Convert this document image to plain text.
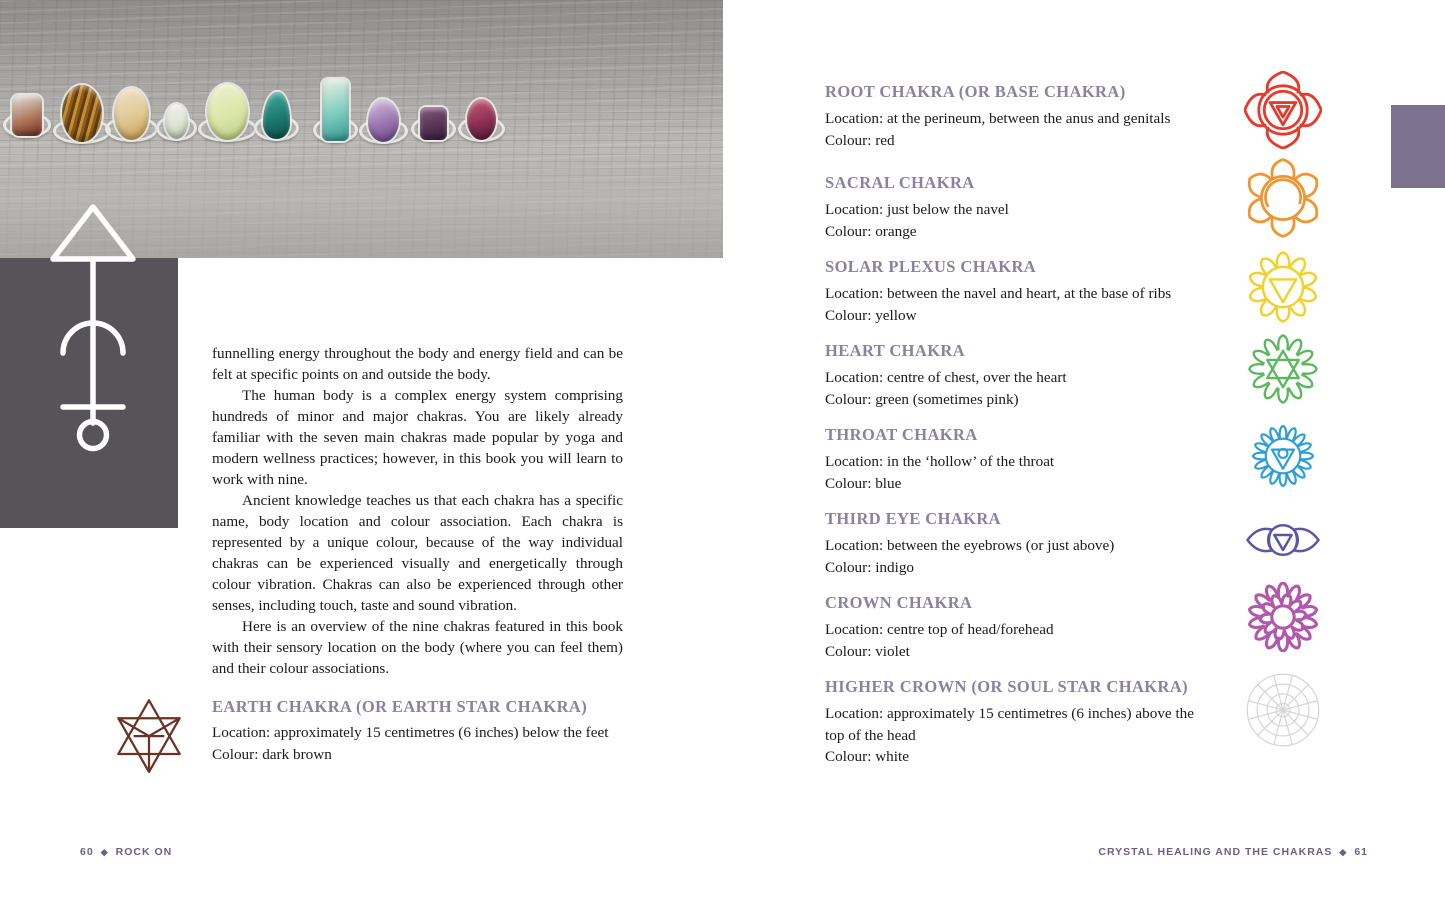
funnelling energy throughout the body and energy field and can be felt at specific points on and outside the body.

The human body is a complex energy system comprising hundreds of minor and major chakras. You are likely already familiar with the seven main chakras made popular by yoga and modern wellness practices; however, in this book you will learn to work with nine.

Ancient knowledge teaches us that each chakra has a specific name, body location and colour association. Each chakra is represented by a unique colour, because of the way individual chakras can be experienced visually and energetically through colour vibration. Chakras can also be experienced through other senses, including touch, taste and sound vibration.

Here is an overview of the nine chakras featured in this book with their sensory location on the body (where you can feel them) and their colour associations.

EARTH CHAKRA (OR EARTH STAR CHAKRA)
Location: approximately 15 centimetres (6 inches) below the feet
Colour: dark brown
ROOT CHAKRA (OR BASE CHAKRA)
Location: at the perineum, between the anus and genitals
Colour: red
SACRAL CHAKRA
Location: just below the navel
Colour: orange
SOLAR PLEXUS CHAKRA
Location: between the navel and heart, at the base of ribs
Colour: yellow
HEART CHAKRA
Location: centre of chest, over the heart
Colour: green (sometimes pink)
THROAT CHAKRA
Location: in the ‘hollow’ of the throat
Colour: blue
THIRD EYE CHAKRA
Location: between the eyebrows (or just above)
Colour: indigo
CROWN CHAKRA
Location: centre top of head/forehead
Colour: violet
HIGHER CROWN (OR SOUL STAR CHAKRA)
Location: approximately 15 centimetres (6 inches) above the top of the head
Colour: white
60 ◆ ROCK ON	CRYSTAL HEALING AND THE CHAKRAS ◆ 61
